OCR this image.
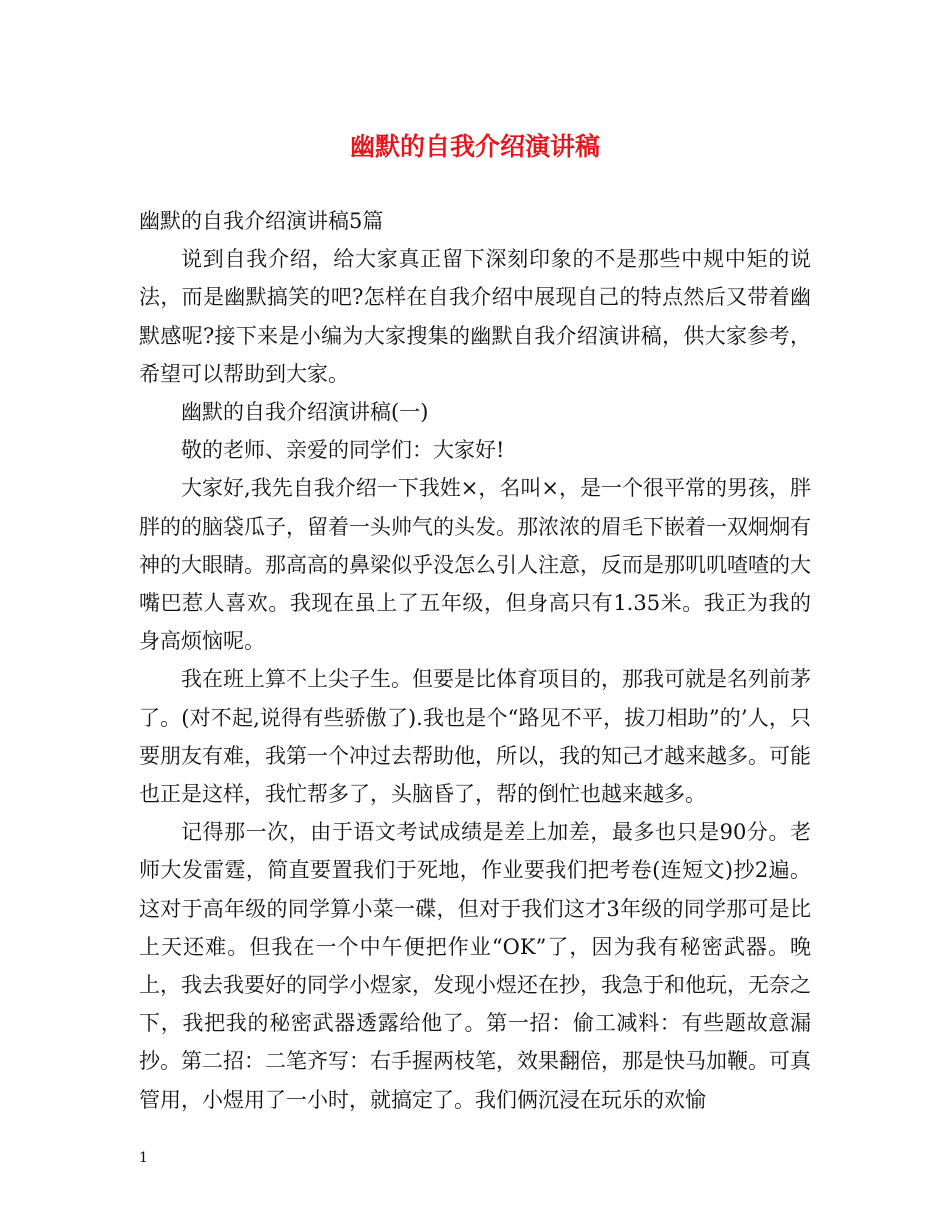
幽默的自我介绍演讲稿

幽默的自我介绍演讲稿5篇

说到自我介绍，给大家真正留下深刻印象的不是那些中规中矩的说法，而是幽默搞笑的吧?怎样在自我介绍中展现自己的特点然后又带着幽默感呢?接下来是小编为大家搜集的幽默自我介绍演讲稿，供大家参考，希望可以帮助到大家。

幽默的自我介绍演讲稿(一)

敬的老师、亲爱的同学们：大家好!

大家好,我先自我介绍一下我姓×，名叫×，是一个很平常的男孩，胖胖的的脑袋瓜子，留着一头帅气的头发。那浓浓的眉毛下嵌着一双炯炯有神的大眼睛。那高高的鼻梁似乎没怎么引人注意，反而是那叽叽喳喳的大嘴巴惹人喜欢。我现在虽上了五年级，但身高只有1.35米。我正为我的身高烦恼呢。

我在班上算不上尖子生。但要是比体育项目的，那我可就是名列前茅了。(对不起,说得有些骄傲了).我也是个“路见不平，拔刀相助”的’人，只要朋友有难，我第一个冲过去帮助他，所以，我的知己才越来越多。可能也正是这样，我忙帮多了，头脑昏了，帮的倒忙也越来越多。

记得那一次，由于语文考试成绩是差上加差，最多也只是90分。老师大发雷霆，简直要置我们于死地，作业要我们把考卷(连短文)抄2遍。这对于高年级的同学算小菜一碟，但对于我们这才3年级的同学那可是比上天还难。但我在一个中午便把作业“OK”了，因为我有秘密武器。晚上，我去我要好的同学小煜家，发现小煜还在抄，我急于和他玩，无奈之下，我把我的秘密武器透露给他了。第一招：偷工减料：有些题故意漏抄。第二招：二笔齐写：右手握两枝笔，效果翻倍，那是快马加鞭。可真管用，小煜用了一小时，就搞定了。我们俩沉浸在玩乐的欢愉

1
